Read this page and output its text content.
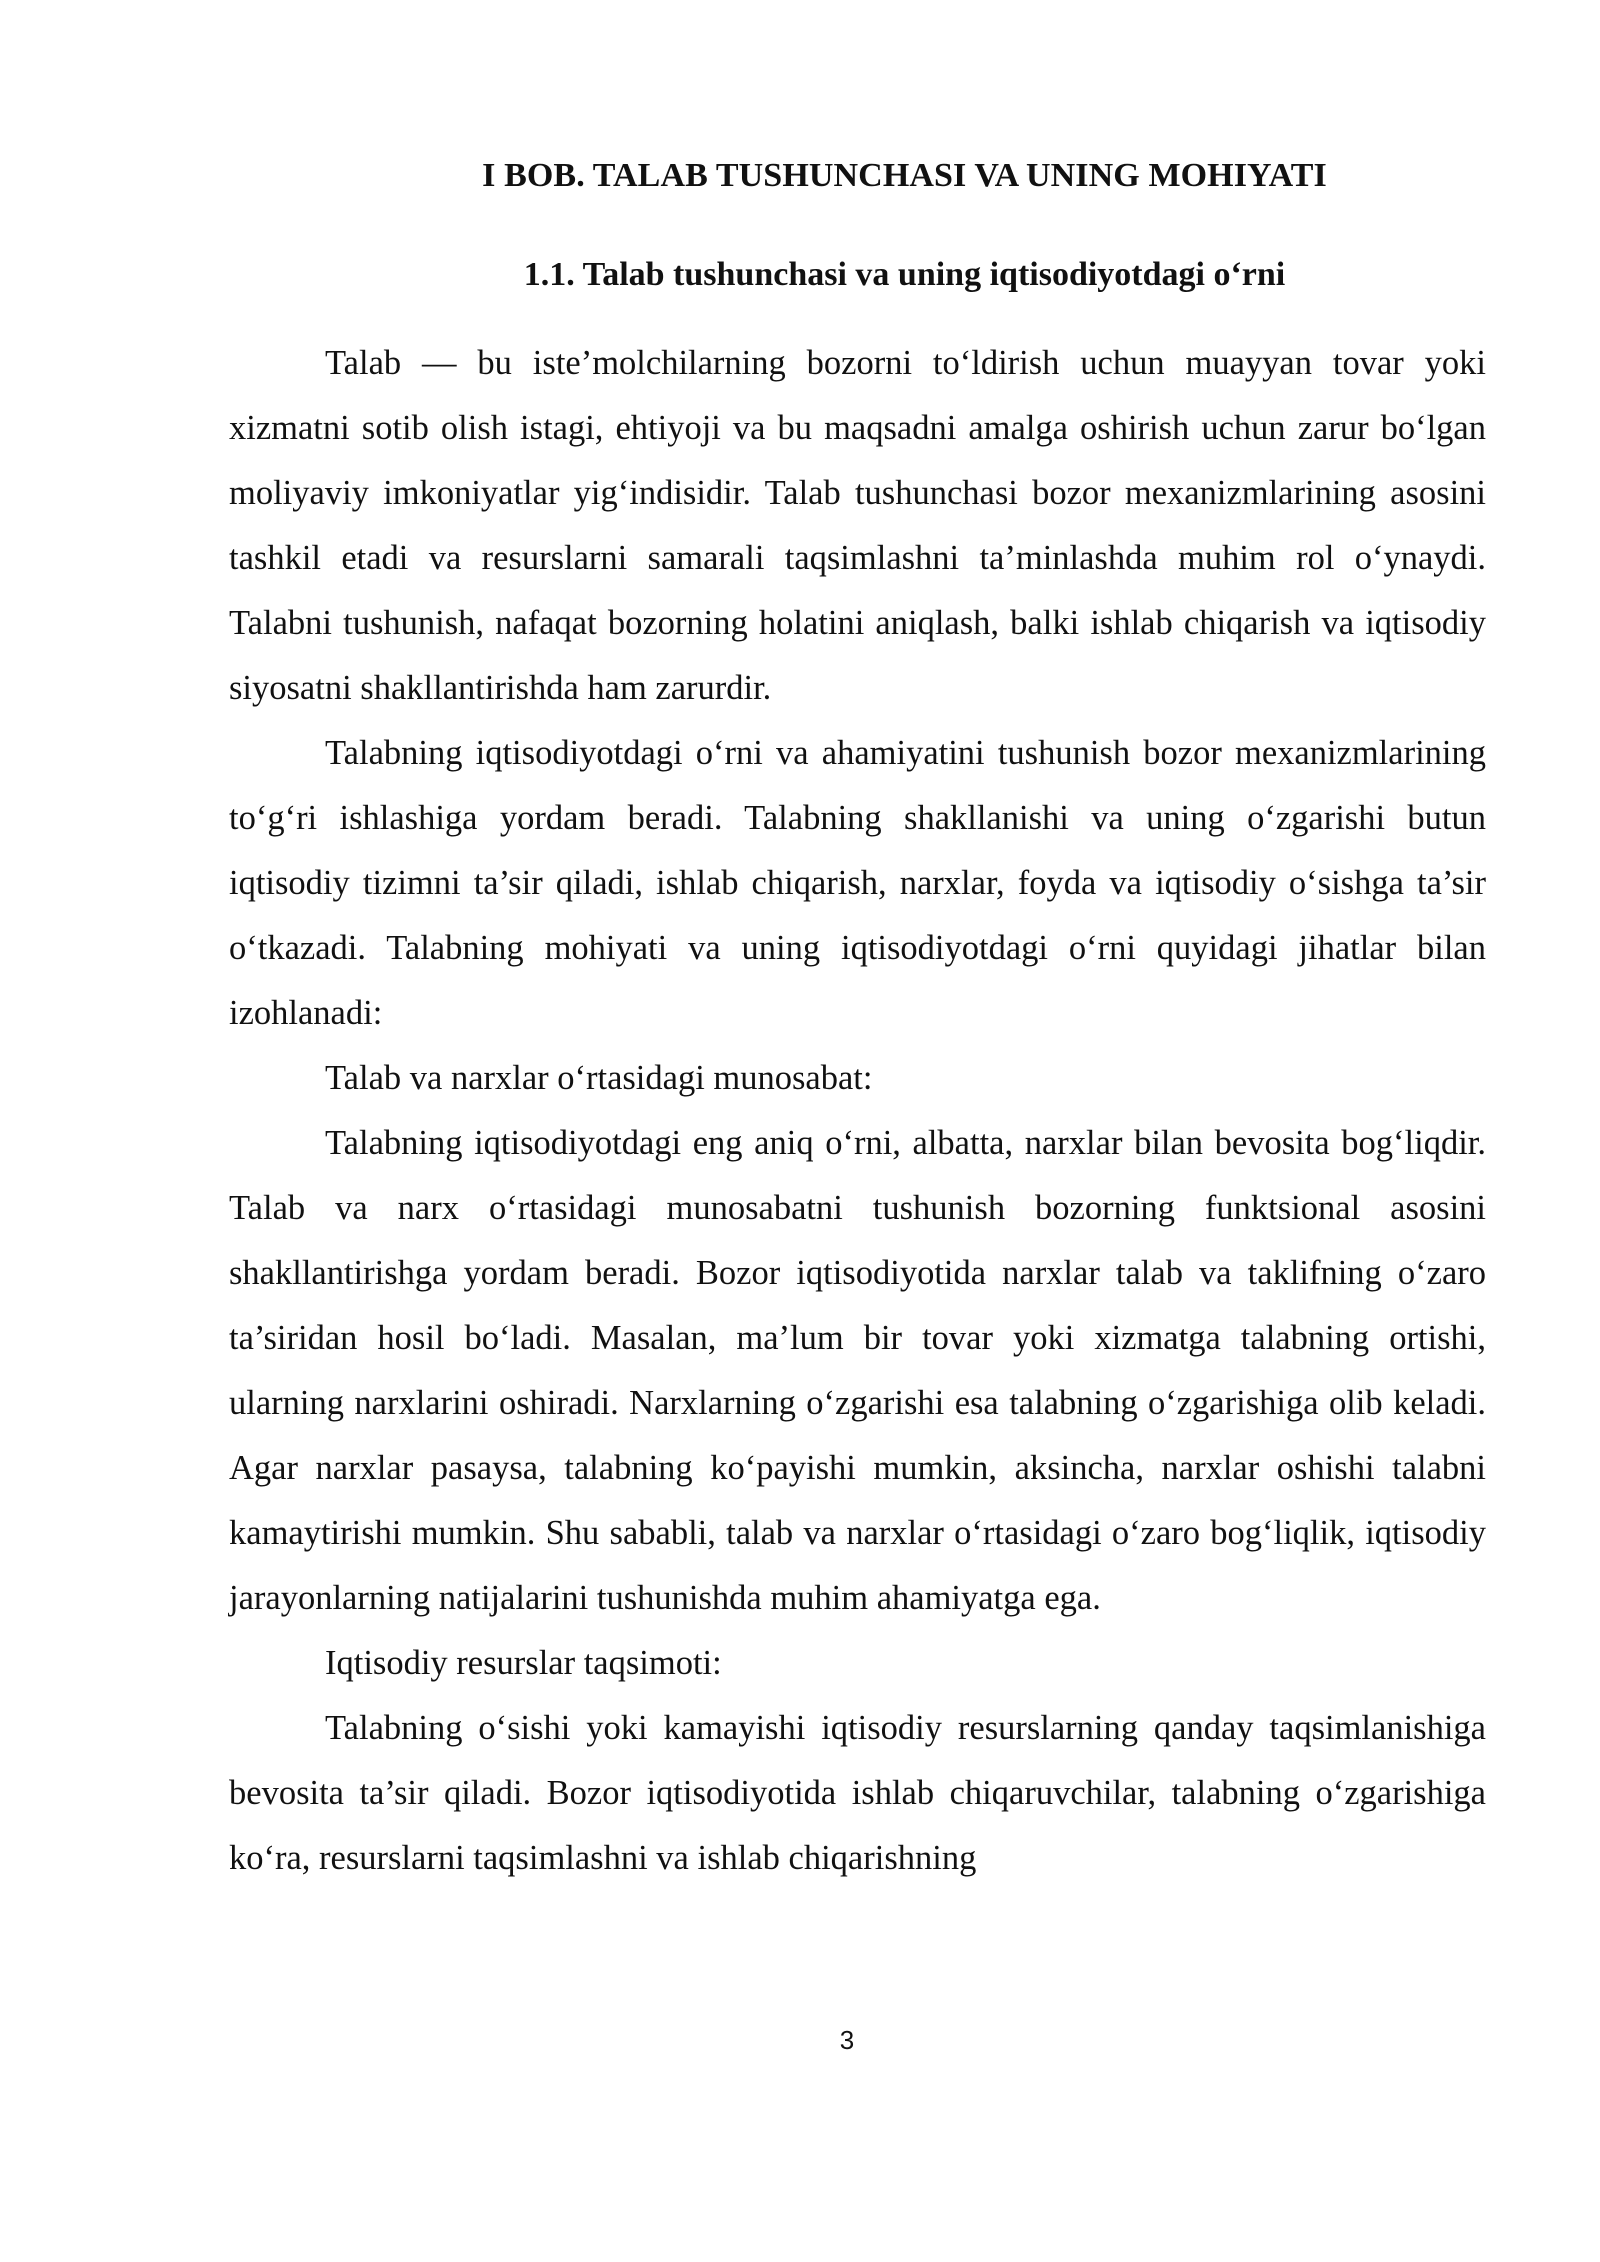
I BOB. TALAB TUSHUNCHASI VA UNING MOHIYATI
1.1. Talab tushunchasi va uning iqtisodiyotdagi o‘rni

Talab — bu iste’molchilarning bozorni to‘ldirish uchun muayyan tovar yoki xizmatni sotib olish istagi, ehtiyoji va bu maqsadni amalga oshirish uchun zarur bo‘lgan moliyaviy imkoniyatlar yig‘indisidir. Talab tushunchasi bozor mexanizmlarining asosini tashkil etadi va resurslarni samarali taqsimlashni ta’minlashda muhim rol o‘ynaydi. Talabni tushunish, nafaqat bozorning holatini aniqlash, balki ishlab chiqarish va iqtisodiy siyosatni shakllantirishda ham zarurdir.

Talabning iqtisodiyotdagi o‘rni va ahamiyatini tushunish bozor mexanizmlarining to‘g‘ri ishlashiga yordam beradi. Talabning shakllanishi va uning o‘zgarishi butun iqtisodiy tizimni ta’sir qiladi, ishlab chiqarish, narxlar, foyda va iqtisodiy o‘sishga ta’sir o‘tkazadi. Talabning mohiyati va uning iqtisodiyotdagi o‘rni quyidagi jihatlar bilan izohlanadi:

Talab va narxlar o‘rtasidagi munosabat:

Talabning iqtisodiyotdagi eng aniq o‘rni, albatta, narxlar bilan bevosita bog‘liqdir. Talab va narx o‘rtasidagi munosabatni tushunish bozorning funktsional asosini shakllantirishga yordam beradi. Bozor iqtisodiyotida narxlar talab va taklifning o‘zaro ta’siridan hosil bo‘ladi. Masalan, ma’lum bir tovar yoki xizmatga talabning ortishi, ularning narxlarini oshiradi. Narxlarning o‘zgarishi esa talabning o‘zgarishiga olib keladi. Agar narxlar pasaysa, talabning ko‘payishi mumkin, aksincha, narxlar oshishi talabni kamaytirishi mumkin. Shu sababli, talab va narxlar o‘rtasidagi o‘zaro bog‘liqlik, iqtisodiy jarayonlarning natijalarini tushunishda muhim ahamiyatga ega.

Iqtisodiy resurslar taqsimoti:

Talabning o‘sishi yoki kamayishi iqtisodiy resurslarning qanday taqsimlanishiga bevosita ta’sir qiladi. Bozor iqtisodiyotida ishlab chiqaruvchilar, talabning o‘zgarishiga ko‘ra, resurslarni taqsimlashni va ishlab chiqarishning

3
